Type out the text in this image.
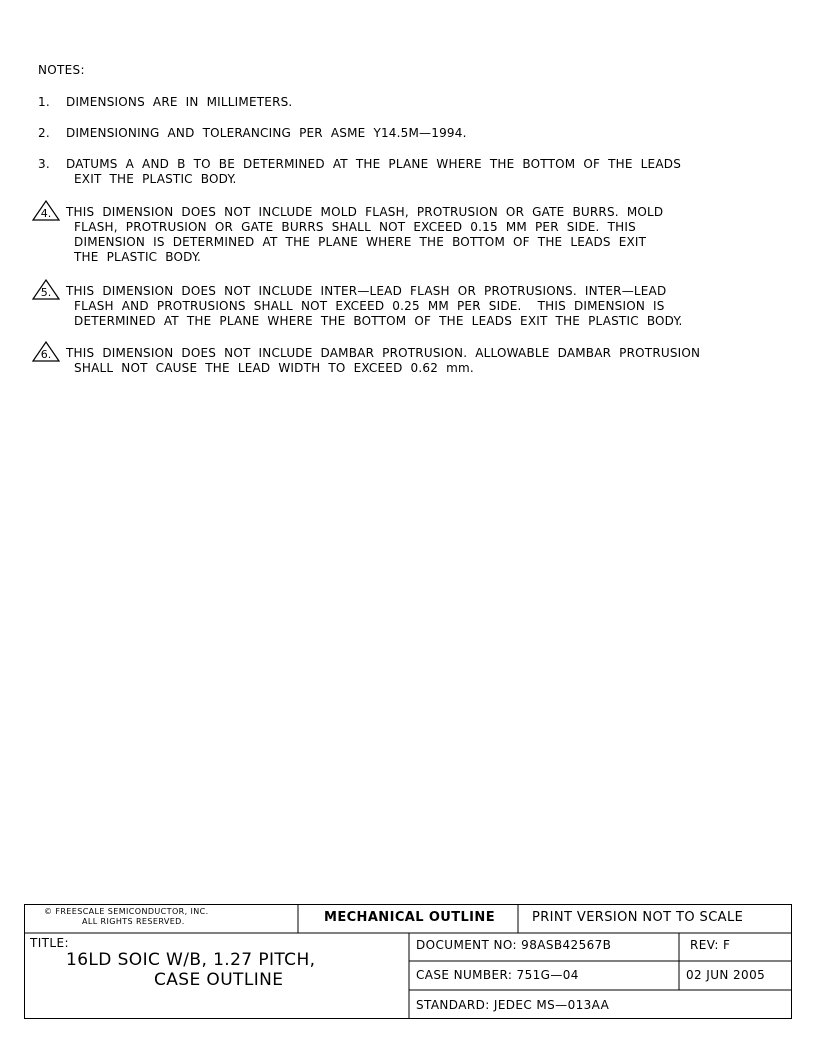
NOTES:
1. DIMENSIONS  ARE  IN  MILLIMETERS.
2. DIMENSIONING  AND  TOLERANCING  PER  ASME  Y14.5M—1994.
3. DATUMS  A  AND  B  TO  BE  DETERMINED  AT  THE  PLANE  WHERE  THE  BOTTOM  OF  THE  LEADS
EXIT  THE  PLASTIC  BODY.
4. THIS  DIMENSION  DOES  NOT  INCLUDE  MOLD  FLASH,  PROTRUSION  OR  GATE  BURRS.  MOLD
FLASH,  PROTRUSION  OR  GATE  BURRS  SHALL  NOT  EXCEED  0.15  MM  PER  SIDE.  THIS
DIMENSION  IS  DETERMINED  AT  THE  PLANE  WHERE  THE  BOTTOM  OF  THE  LEADS  EXIT
THE  PLASTIC  BODY.
5. THIS  DIMENSION  DOES  NOT  INCLUDE  INTER—LEAD  FLASH  OR  PROTRUSIONS.  INTER—LEAD
FLASH  AND  PROTRUSIONS  SHALL  NOT  EXCEED  0.25  MM  PER  SIDE.    THIS  DIMENSION  IS
DETERMINED  AT  THE  PLANE  WHERE  THE  BOTTOM  OF  THE  LEADS  EXIT  THE  PLASTIC  BODY.
6. THIS  DIMENSION  DOES  NOT  INCLUDE  DAMBAR  PROTRUSION.  ALLOWABLE  DAMBAR  PROTRUSION
SHALL  NOT  CAUSE  THE  LEAD  WIDTH  TO  EXCEED  0.62  mm.
© FREESCALE SEMICONDUCTOR, INC.
ALL RIGHTS RESERVED.	MECHANICAL OUTLINE	PRINT VERSION NOT TO SCALE
TITLE:
16LD SOIC W/B, 1.27 PITCH,
CASE OUTLINE
DOCUMENT NO: 98ASB42567B	REV: F
CASE NUMBER: 751G—04	02 JUN 2005
STANDARD: JEDEC MS—013AA
